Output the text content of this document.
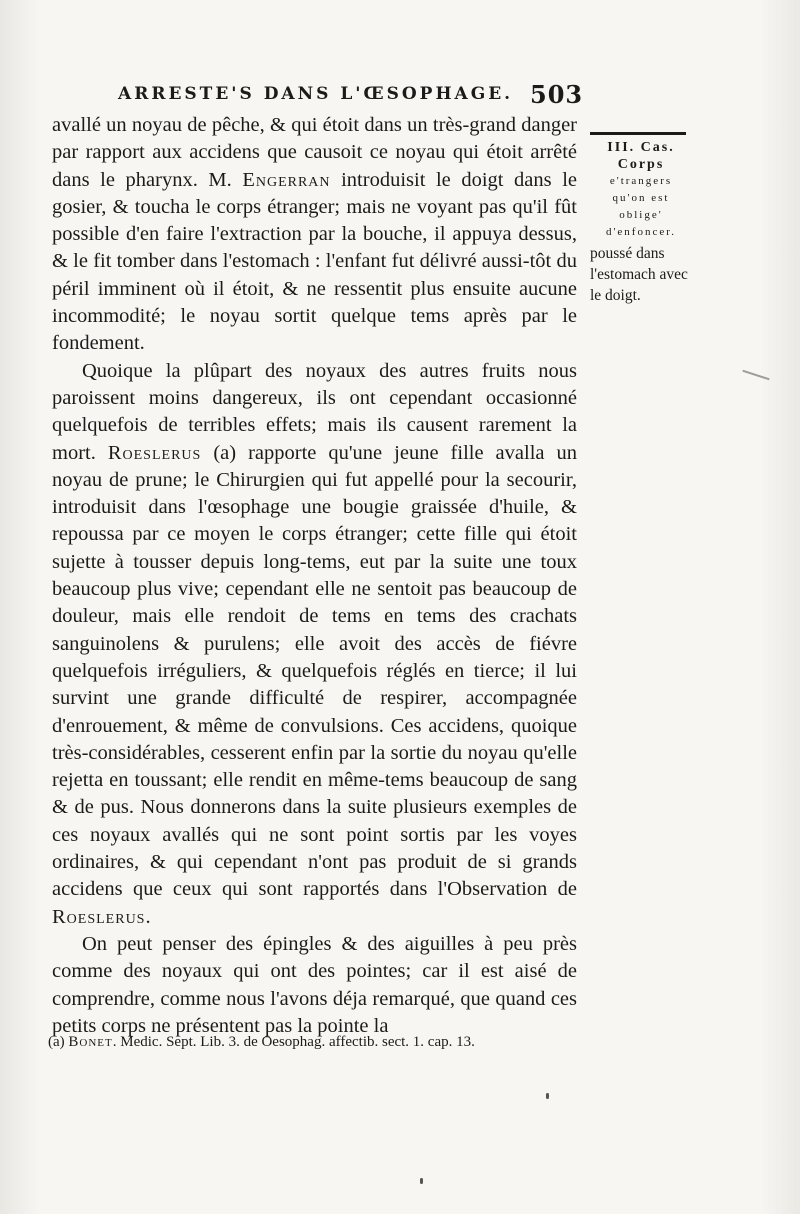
ARRESTE'S DANS L'ŒSOPHAGE. 503

avallé un noyau de pêche, & qui étoit dans un très-grand danger par rapport aux accidens que causoit ce noyau qui étoit arrêté dans le pharynx. M. Engerran introduisit le doigt dans le gosier, & toucha le corps étranger; mais ne voyant pas qu'il fût possible d'en faire l'extraction par la bouche, il appuya dessus, & le fit tomber dans l'estomach : l'enfant fut délivré aussi-tôt du péril imminent où il étoit, & ne ressentit plus ensuite aucune incommodité; le noyau sortit quelque tems après par le fondement.

Quoique la plûpart des noyaux des autres fruits nous paroissent moins dangereux, ils ont cependant occasionné quelquefois de terribles effets; mais ils causent rarement la mort. Roeslerus (a) rapporte qu'une jeune fille avalla un noyau de prune; le Chirurgien qui fut appellé pour la secourir, introduisit dans l'œsophage une bougie graissée d'huile, & repoussa par ce moyen le corps étranger; cette fille qui étoit sujette à tousser depuis long-tems, eut par la suite une toux beaucoup plus vive; cependant elle ne sentoit pas beaucoup de douleur, mais elle rendoit de tems en tems des crachats sanguinolens & purulens; elle avoit des accès de fiévre quelquefois irréguliers, & quelquefois réglés en tierce; il lui survint une grande difficulté de respirer, accompagnée d'enrouement, & même de convulsions. Ces accidens, quoique très-considérables, cesserent enfin par la sortie du noyau qu'elle rejetta en toussant; elle rendit en même-tems beaucoup de sang & de pus. Nous donnerons dans la suite plusieurs exemples de ces noyaux avallés qui ne sont point sortis par les voyes ordinaires, & qui cependant n'ont pas produit de si grands accidens que ceux qui sont rapportés dans l'Observation de Roeslerus.

On peut penser des épingles & des aiguilles à peu près comme des noyaux qui ont des pointes; car il est aisé de comprendre, comme nous l'avons déja remarqué, que quand ces petits corps ne présentent pas la pointe la

III. Cas.
Corps
e'trangers
qu'on est
oblige'
d'enfoncer.
poussé dans l'estomach avec le doigt.
(a) Bonet. Medic. Sept. Lib. 3. de Oesophag. affectib. sect. 1. cap. 13.
